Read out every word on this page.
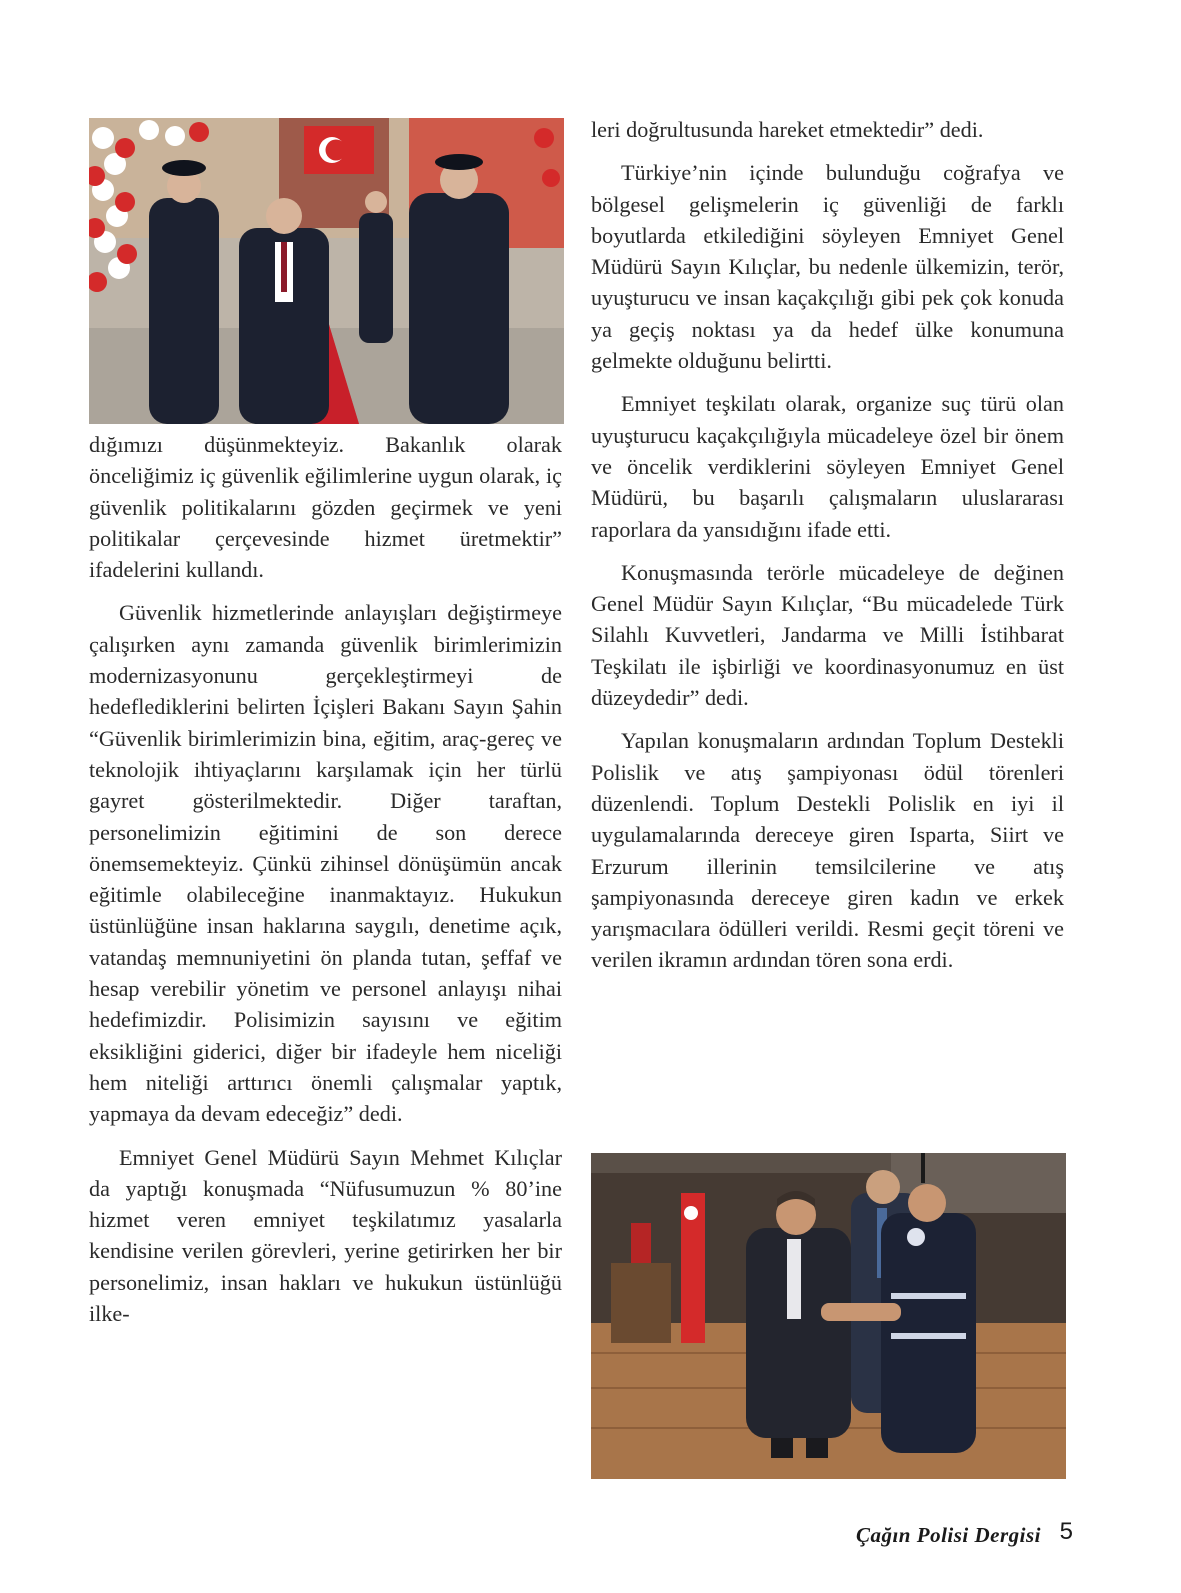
dığımızı düşünmekteyiz. Bakanlık olarak önceliğimiz iç güvenlik eğilimlerine uygun olarak, iç güvenlik politikalarını gözden geçirmek ve yeni politikalar çerçevesinde hizmet üretmektir” ifadelerini kullandı.

Güvenlik hizmetlerinde anlayışları değiştirmeye çalışırken aynı zamanda güvenlik birimlerimizin modernizasyonunu gerçekleştirmeyi de hedeflediklerini belirten İçişleri Bakanı Sayın Şahin “Güvenlik birimlerimizin bina, eğitim, araç-gereç ve teknolojik ihtiyaçlarını karşılamak için her türlü gayret gösterilmektedir. Diğer taraftan, personelimizin eğitimini de son derece önemsemekteyiz. Çünkü zihinsel dönüşümün ancak eğitimle olabileceğine inanmaktayız. Hukukun üstünlüğüne insan haklarına saygılı, denetime açık, vatandaş memnuniyetini ön planda tutan, şeffaf ve hesap verebilir yönetim ve personel anlayışı nihai hedefimizdir. Polisimizin sayısını ve eğitim eksikliğini giderici, diğer bir ifadeyle hem niceliği hem niteliği arttırıcı önemli çalışmalar yaptık, yapmaya da devam edeceğiz” dedi.

Emniyet Genel Müdürü Sayın Mehmet Kılıçlar da yaptığı konuşmada “Nüfusumuzun % 80’ine hizmet veren emniyet teşkilatımız yasalarla kendisine verilen görevleri, yerine getirirken her bir personelimiz, insan hakları ve hukukun üstünlüğü ilke-

leri doğrultusunda hareket etmektedir” dedi.

Türkiye’nin içinde bulunduğu coğrafya ve bölgesel gelişmelerin iç güvenliği de farklı boyutlarda etkilediğini söyleyen Emniyet Genel Müdürü Sayın Kılıçlar, bu nedenle ülkemizin, terör, uyuşturucu ve insan kaçakçılığı gibi pek çok konuda ya geçiş noktası ya da hedef ülke konumuna gelmekte olduğunu belirtti.

Emniyet teşkilatı olarak, organize suç türü olan uyuşturucu kaçakçılığıyla mücadeleye özel bir önem ve öncelik verdiklerini söyleyen Emniyet Genel Müdürü, bu başarılı çalışmaların uluslararası raporlara da yansıdığını ifade etti.

Konuşmasında terörle mücadeleye de değinen Genel Müdür Sayın Kılıçlar, “Bu mücadelede Türk Silahlı Kuvvetleri, Jandarma ve Milli İstihbarat Teşkilatı ile işbirliği ve koordinasyonumuz en üst düzeydedir” dedi.

Yapılan konuşmaların ardından Toplum Destekli Polislik ve atış şampiyonası ödül törenleri düzenlendi. Toplum Destekli Polislik en iyi il uygulamalarında dereceye giren Isparta, Siirt ve Erzurum illerinin temsilcilerine ve atış şampiyonasında dereceye giren kadın ve erkek yarışmacılara ödülleri verildi. Resmi geçit töreni ve verilen ikramın ardından tören sona erdi.

Çağın Polisi Dergisi 5
